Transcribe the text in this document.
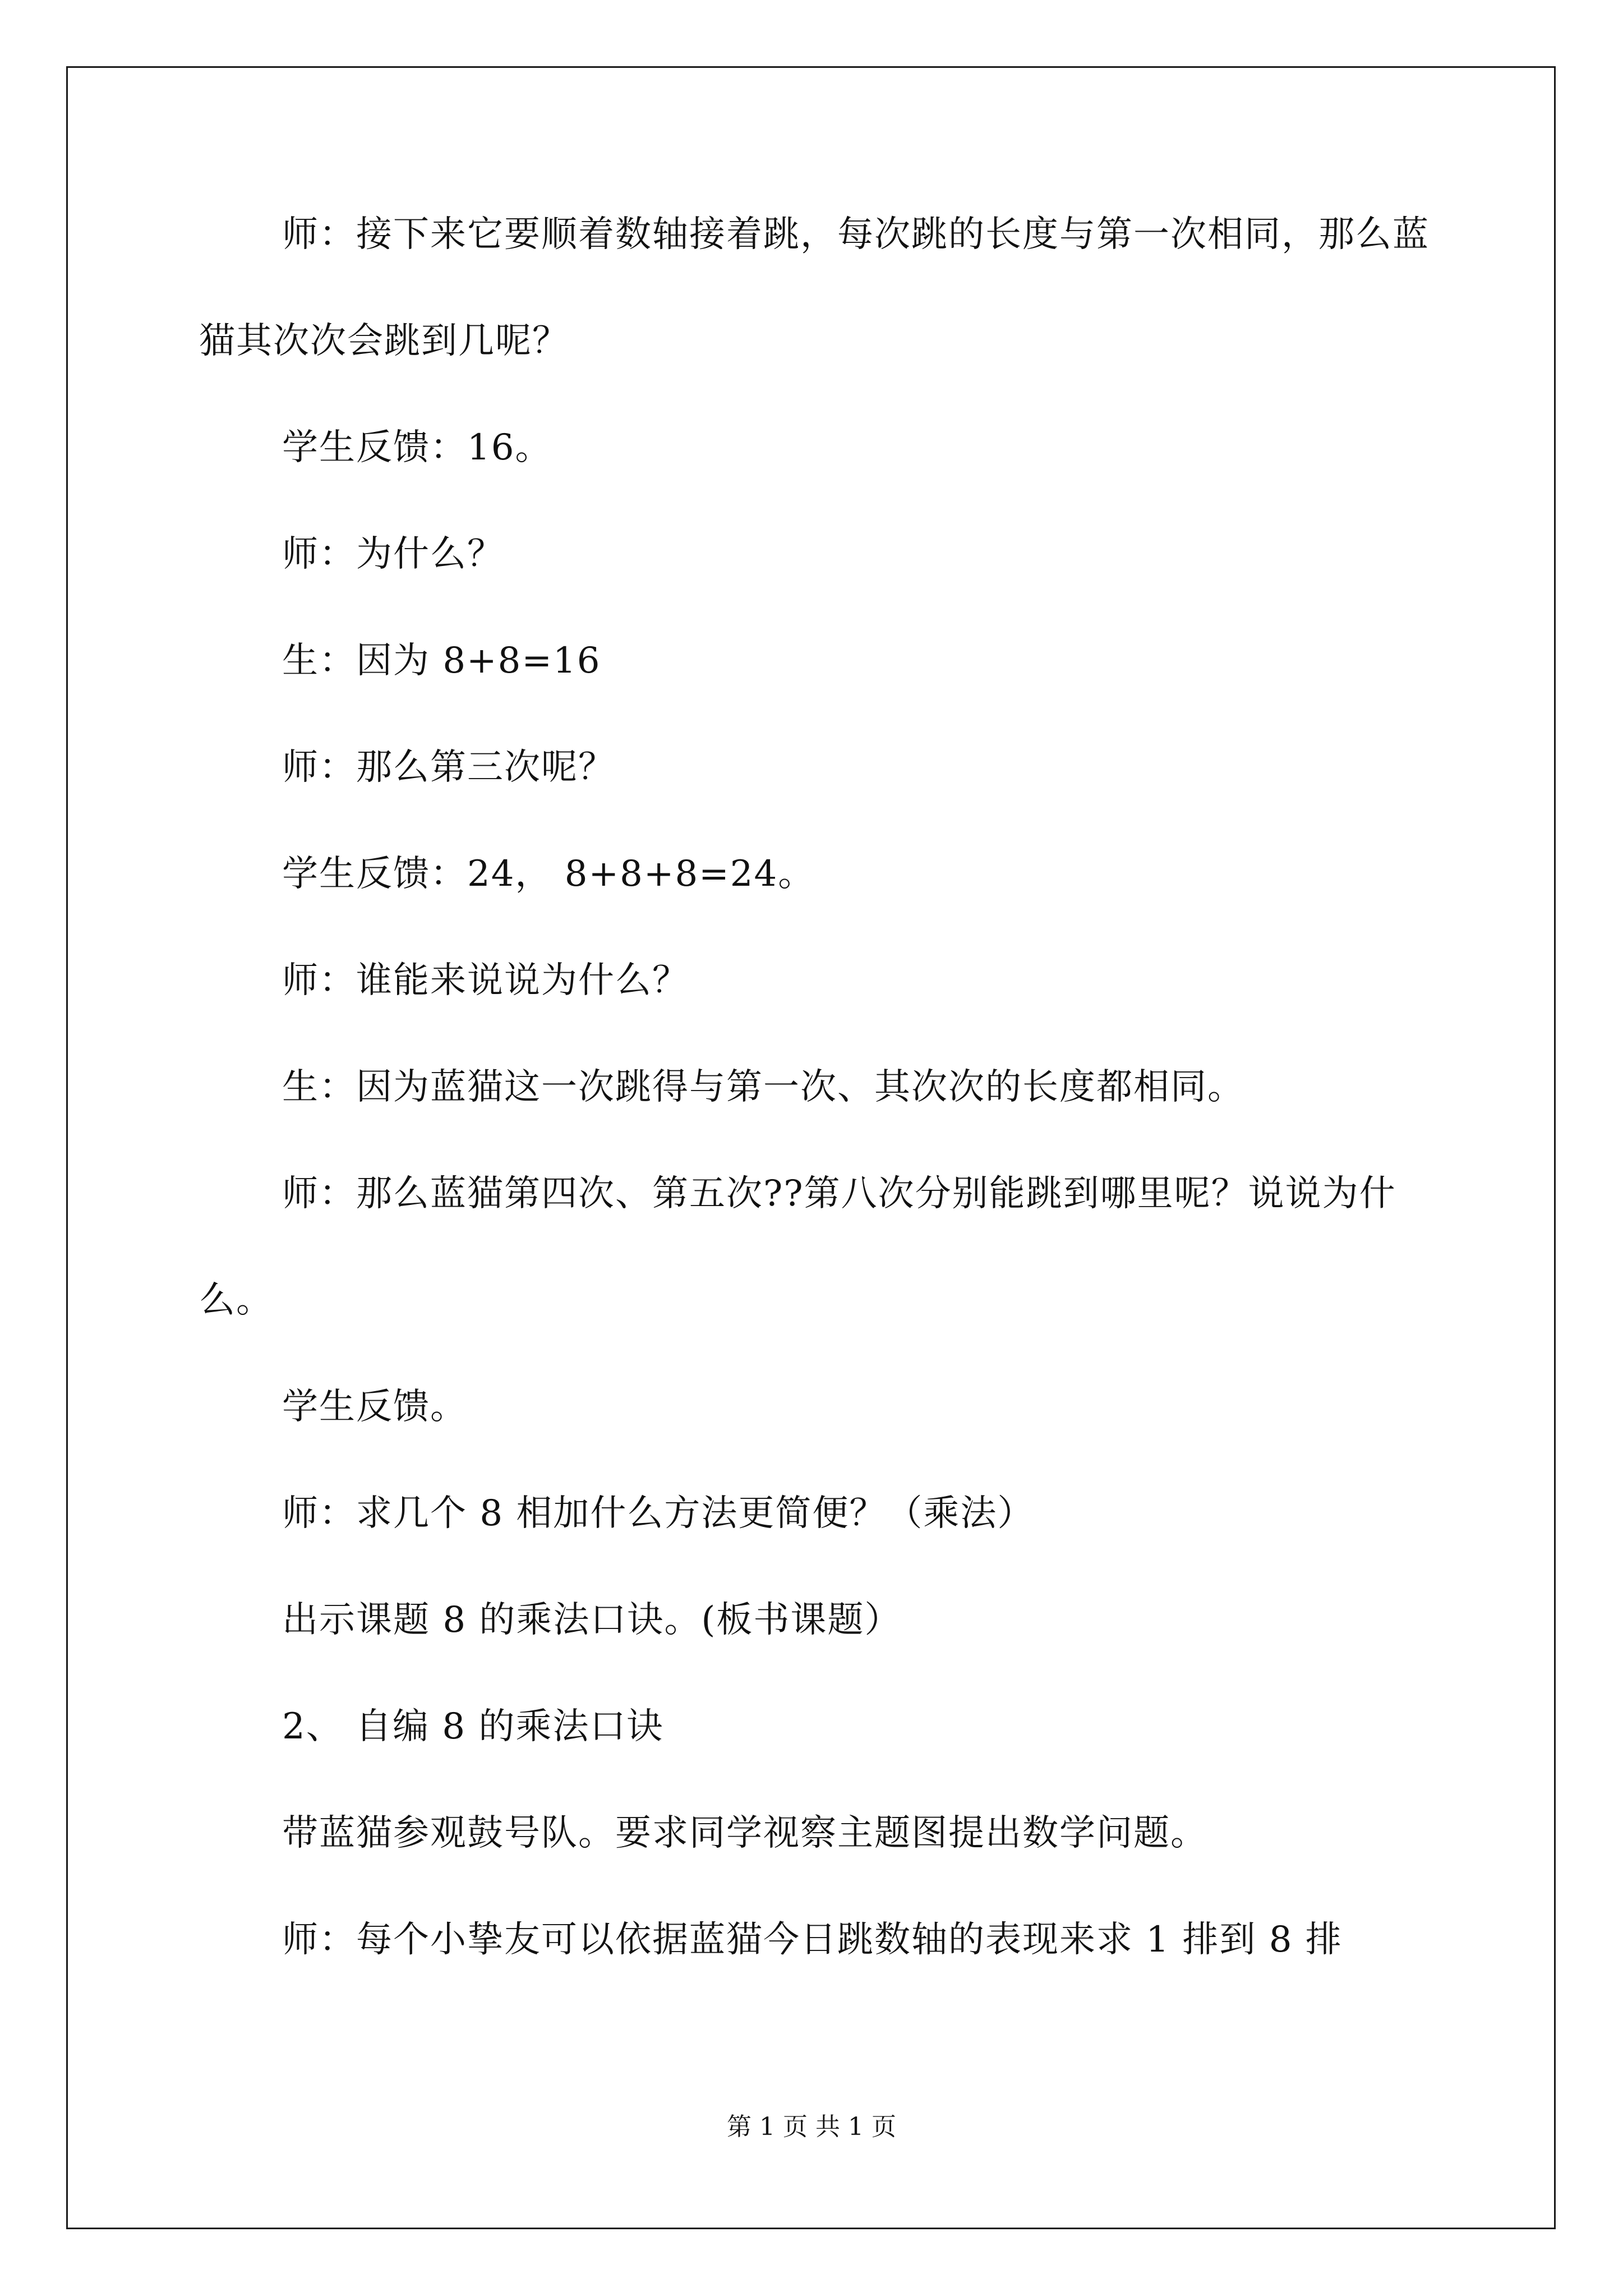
师：接下来它要顺着数轴接着跳，每次跳的长度与第一次相同，那么蓝猫其次次会跳到几呢？

学生反馈：16。

师：为什么？

生：因为 8+8=16

师：那么第三次呢？

学生反馈：24， 8+8+8=24。

师：谁能来说说为什么？

生：因为蓝猫这一次跳得与第一次、其次次的长度都相同。

师：那么蓝猫第四次、第五次??第八次分别能跳到哪里呢？说说为什么。

学生反馈。

师：求几个 8 相加什么方法更简便？（乘法）

出示课题 8 的乘法口诀。(板书课题）

2、 自编 8 的乘法口诀

带蓝猫参观鼓号队。要求同学视察主题图提出数学问题。

师：每个小挚友可以依据蓝猫今日跳数轴的表现来求 1 排到 8 排

第 1 页 共 1 页
